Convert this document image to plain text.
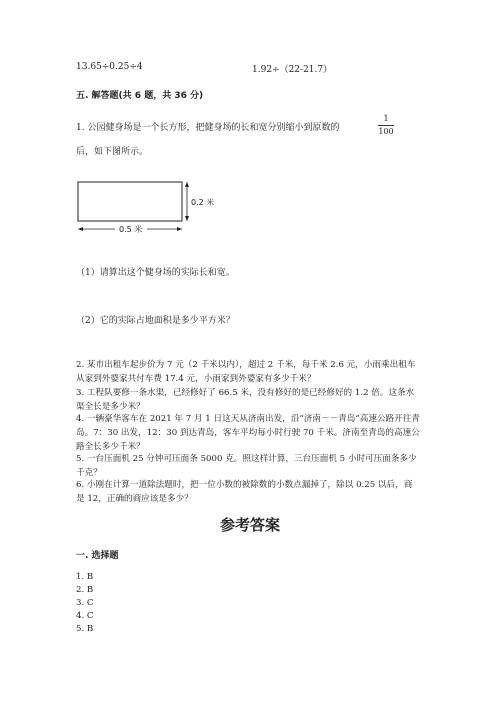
13.65÷0.25÷4	1.92÷（22-21.7）
五. 解答题(共 6 题，共 36 分)
1. 公园健身场是一个长方形，把健身场的长和宽分别缩小到原数的
1
100
后，如下图所示。
0.2 米
0.5 米
（1）请算出这个健身场的实际长和宽。
（2）它的实际占地面积是多少平方米？
2. 某市出租车起步价为 7 元（2 千米以内），超过 2 千米，每千米 2.6 元，小雨乘出租车从家到外婆家共付车费 17.4 元，小雨家到外婆家有多少千米？
3. 工程队要修一条水渠，已经修好了 66.5 米，没有修好的是已经修好的 1.2 倍。这条水渠全长是多少米？
4. 一辆豪华客车在 2021 年 7 月 1 日这天从济南出发，沿“济南－－青岛”高速公路开往青岛。7：30 出发，12：30 到达青岛，客车平均每小时行驶 70 千米。济南至青岛的高速公路全长多少千米？
5. 一台压面机 25 分钟可压面条 5000 克。照这样计算，三台压面机 5 小时可压面条多少千克？
6. 小刚在计算一道除法题时，把一位小数的被除数的小数点漏掉了，除以 0.25 以后，商是 12，正确的商应该是多少？
参考答案
一. 选择题
1. B
2. B
3. C
4. C
5. B
